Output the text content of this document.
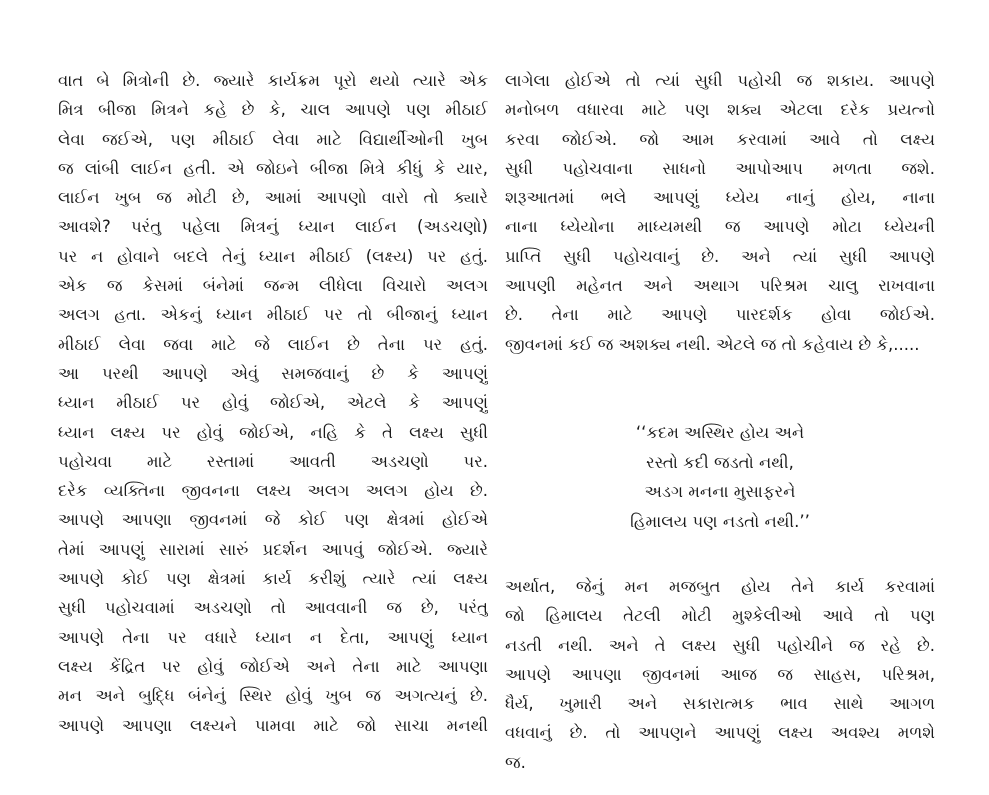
વાત બે મિત્રોની છે. જ્યારે કાર્યક્રમ પૂરો થયો ત્યારે એક
મિત્ર બીજા મિત્રને કહે છે કે, ચાલ આપણે પણ મીઠાઈ
લેવા જઈએ, પણ મીઠાઈ લેવા માટે વિદ્યાર્થીઓની ખુબ
જ લાંબી લાઈન હતી. એ જોઇને બીજા મિત્રે કીધું કે યાર,
લાઈન ખુબ જ મોટી છે, આમાં આપણો વારો તો ક્યારે
આવશે? પરંતુ પહેલા મિત્રનું ધ્યાન લાઈન (અડચણો)
પર ન હોવાને બદલે તેનું ધ્યાન મીઠાઈ (લક્ષ્ય) પર હતું.
એક જ કેસમાં બંનેમાં જન્મ લીધેલા વિચારો અલગ
અલગ હતા. એકનું ધ્યાન મીઠાઈ પર તો બીજાનું ધ્યાન
મીઠાઈ લેવા જવા માટે જે લાઈન છે તેના પર હતું.
આ પરથી આપણે એવું સમજવાનું છે કે આપણું
ધ્યાન મીઠાઈ પર હોવું જોઈએ, એટલે કે આપણું
ધ્યાન લક્ષ્ય પર હોવું જોઈએ, નહિ કે તે લક્ષ્ય સુધી
પહોચવા માટે રસ્તામાં આવતી અડચણો પર.
દરેક વ્યક્તિના જીવનના લક્ષ્ય અલગ અલગ હોય છે.
આપણે આપણા જીવનમાં જે કોઈ પણ ક્ષેત્રમાં હોઈએ
તેમાં આપણું સારામાં સારું પ્રદર્શન આપવું જોઈએ. જ્યારે
આપણે કોઈ પણ ક્ષેત્રમાં કાર્ય કરીશું ત્યારે ત્યાં લક્ષ્ય
સુધી પહોચવામાં અડચણો તો આવવાની જ છે, પરંતુ
આપણે તેના પર વધારે ધ્યાન ન દેતા, આપણું ધ્યાન
લક્ષ્ય કેંદ્રિત પર હોવું જોઈએ અને તેના માટે આપણા
મન અને બુદ્ધિ બંનેનું સ્થિર હોવું ખુબ જ અગત્યનું છે.
આપણે આપણા લક્ષ્યને પામવા માટે જો સાચા મનથી
લાગેલા હોઈએ તો ત્યાં સુધી પહોચી જ શકાય. આપણે
મનોબળ વધારવા માટે પણ શક્ય એટલા દરેક પ્રયત્નો
કરવા જોઈએ. જો આમ કરવામાં આવે તો લક્ષ્ય
સુધી પહોચવાના સાધનો આપોઆપ મળતા જશે.
શરૂઆતમાં ભલે આપણું ધ્યેય નાનું હોય, નાના
નાના ધ્યેયોના માધ્યમથી જ આપણે મોટા ધ્યેયની
પ્રાપ્તિ સુધી પહોચવાનું છે. અને ત્યાં સુધી આપણે
આપણી મહેનત અને અથાગ પરિશ્રમ ચાલુ રાખવાના
છે. તેના માટે આપણે પારદર્શક હોવા જોઈએ.
જીવનમાં કઈ જ અશક્ય નથી. એટલે જ તો કહેવાય છે કે,.....
‘‘કદમ અસ્થિર હોય અને
રસ્તો કદી જડતો નથી,
અડગ મનના મુસાફરને
હિમાલય પણ નડતો નથી.’’
અર્થાત, જેનું મન મજબુત હોય તેને કાર્ય કરવામાં
જો હિમાલય તેટલી મોટી મુશ્કેલીઓ આવે તો પણ
નડતી નથી. અને તે લક્ષ્ય સુધી પહોચીને જ રહે છે.
આપણે આપણા જીવનમાં આજ જ સાહસ, પરિશ્રમ,
ધૈર્ય, ખુમારી અને સકારાત્મક ભાવ સાથે આગળ
વધવાનું છે. તો આપણને આપણું લક્ષ્ય અવશ્ય મળશે
જ.
